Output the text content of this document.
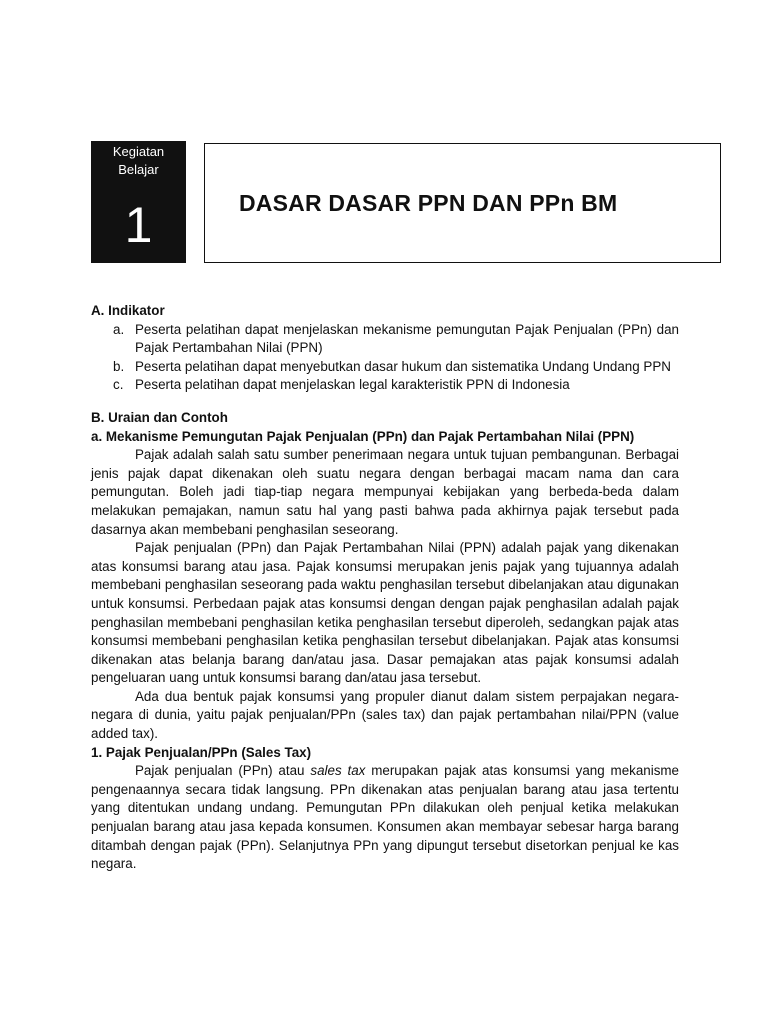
Kegiatan
Belajar
1	DASAR DASAR PPN DAN PPn BM
A. Indikator
a. Peserta pelatihan dapat menjelaskan mekanisme pemungutan Pajak Penjualan (PPn) dan Pajak Pertambahan Nilai (PPN)
b. Peserta pelatihan dapat menyebutkan dasar hukum dan sistematika Undang Undang PPN
c. Peserta pelatihan dapat menjelaskan legal karakteristik PPN di Indonesia
B. Uraian dan Contoh
a. Mekanisme Pemungutan Pajak Penjualan (PPn) dan Pajak Pertambahan Nilai (PPN)

Pajak adalah salah satu sumber penerimaan negara untuk tujuan pembangunan. Berbagai jenis pajak dapat dikenakan oleh suatu negara dengan berbagai macam nama dan cara pemungutan. Boleh jadi tiap-tiap negara mempunyai kebijakan yang berbeda-beda dalam melakukan pemajakan, namun satu hal yang pasti bahwa pada akhirnya pajak tersebut pada dasarnya akan membebani penghasilan seseorang.

Pajak penjualan (PPn) dan Pajak Pertambahan Nilai (PPN) adalah pajak yang dikenakan atas konsumsi barang atau jasa. Pajak konsumsi merupakan jenis pajak yang tujuannya adalah membebani penghasilan seseorang pada waktu penghasilan tersebut dibelanjakan atau digunakan untuk konsumsi. Perbedaan pajak atas konsumsi dengan dengan pajak penghasilan adalah pajak penghasilan membebani penghasilan ketika penghasilan tersebut diperoleh, sedangkan pajak atas konsumsi membebani penghasilan ketika penghasilan tersebut dibelanjakan. Pajak atas konsumsi dikenakan atas belanja barang dan/atau jasa. Dasar pemajakan atas pajak konsumsi adalah pengeluaran uang untuk konsumsi barang dan/atau jasa tersebut.

Ada dua bentuk pajak konsumsi yang propuler dianut dalam sistem perpajakan negara-negara di dunia, yaitu pajak penjualan/PPn (sales tax) dan pajak pertambahan nilai/PPN (value added tax).

1. Pajak Penjualan/PPn (Sales Tax)

Pajak penjualan (PPn) atau sales tax merupakan pajak atas konsumsi yang mekanisme pengenaannya secara tidak langsung. PPn dikenakan atas penjualan barang atau jasa tertentu yang ditentukan undang undang. Pemungutan PPn dilakukan oleh penjual ketika melakukan penjualan barang atau jasa kepada konsumen. Konsumen akan membayar sebesar harga barang ditambah dengan pajak (PPn). Selanjutnya PPn yang dipungut tersebut disetorkan penjual ke kas negara.
